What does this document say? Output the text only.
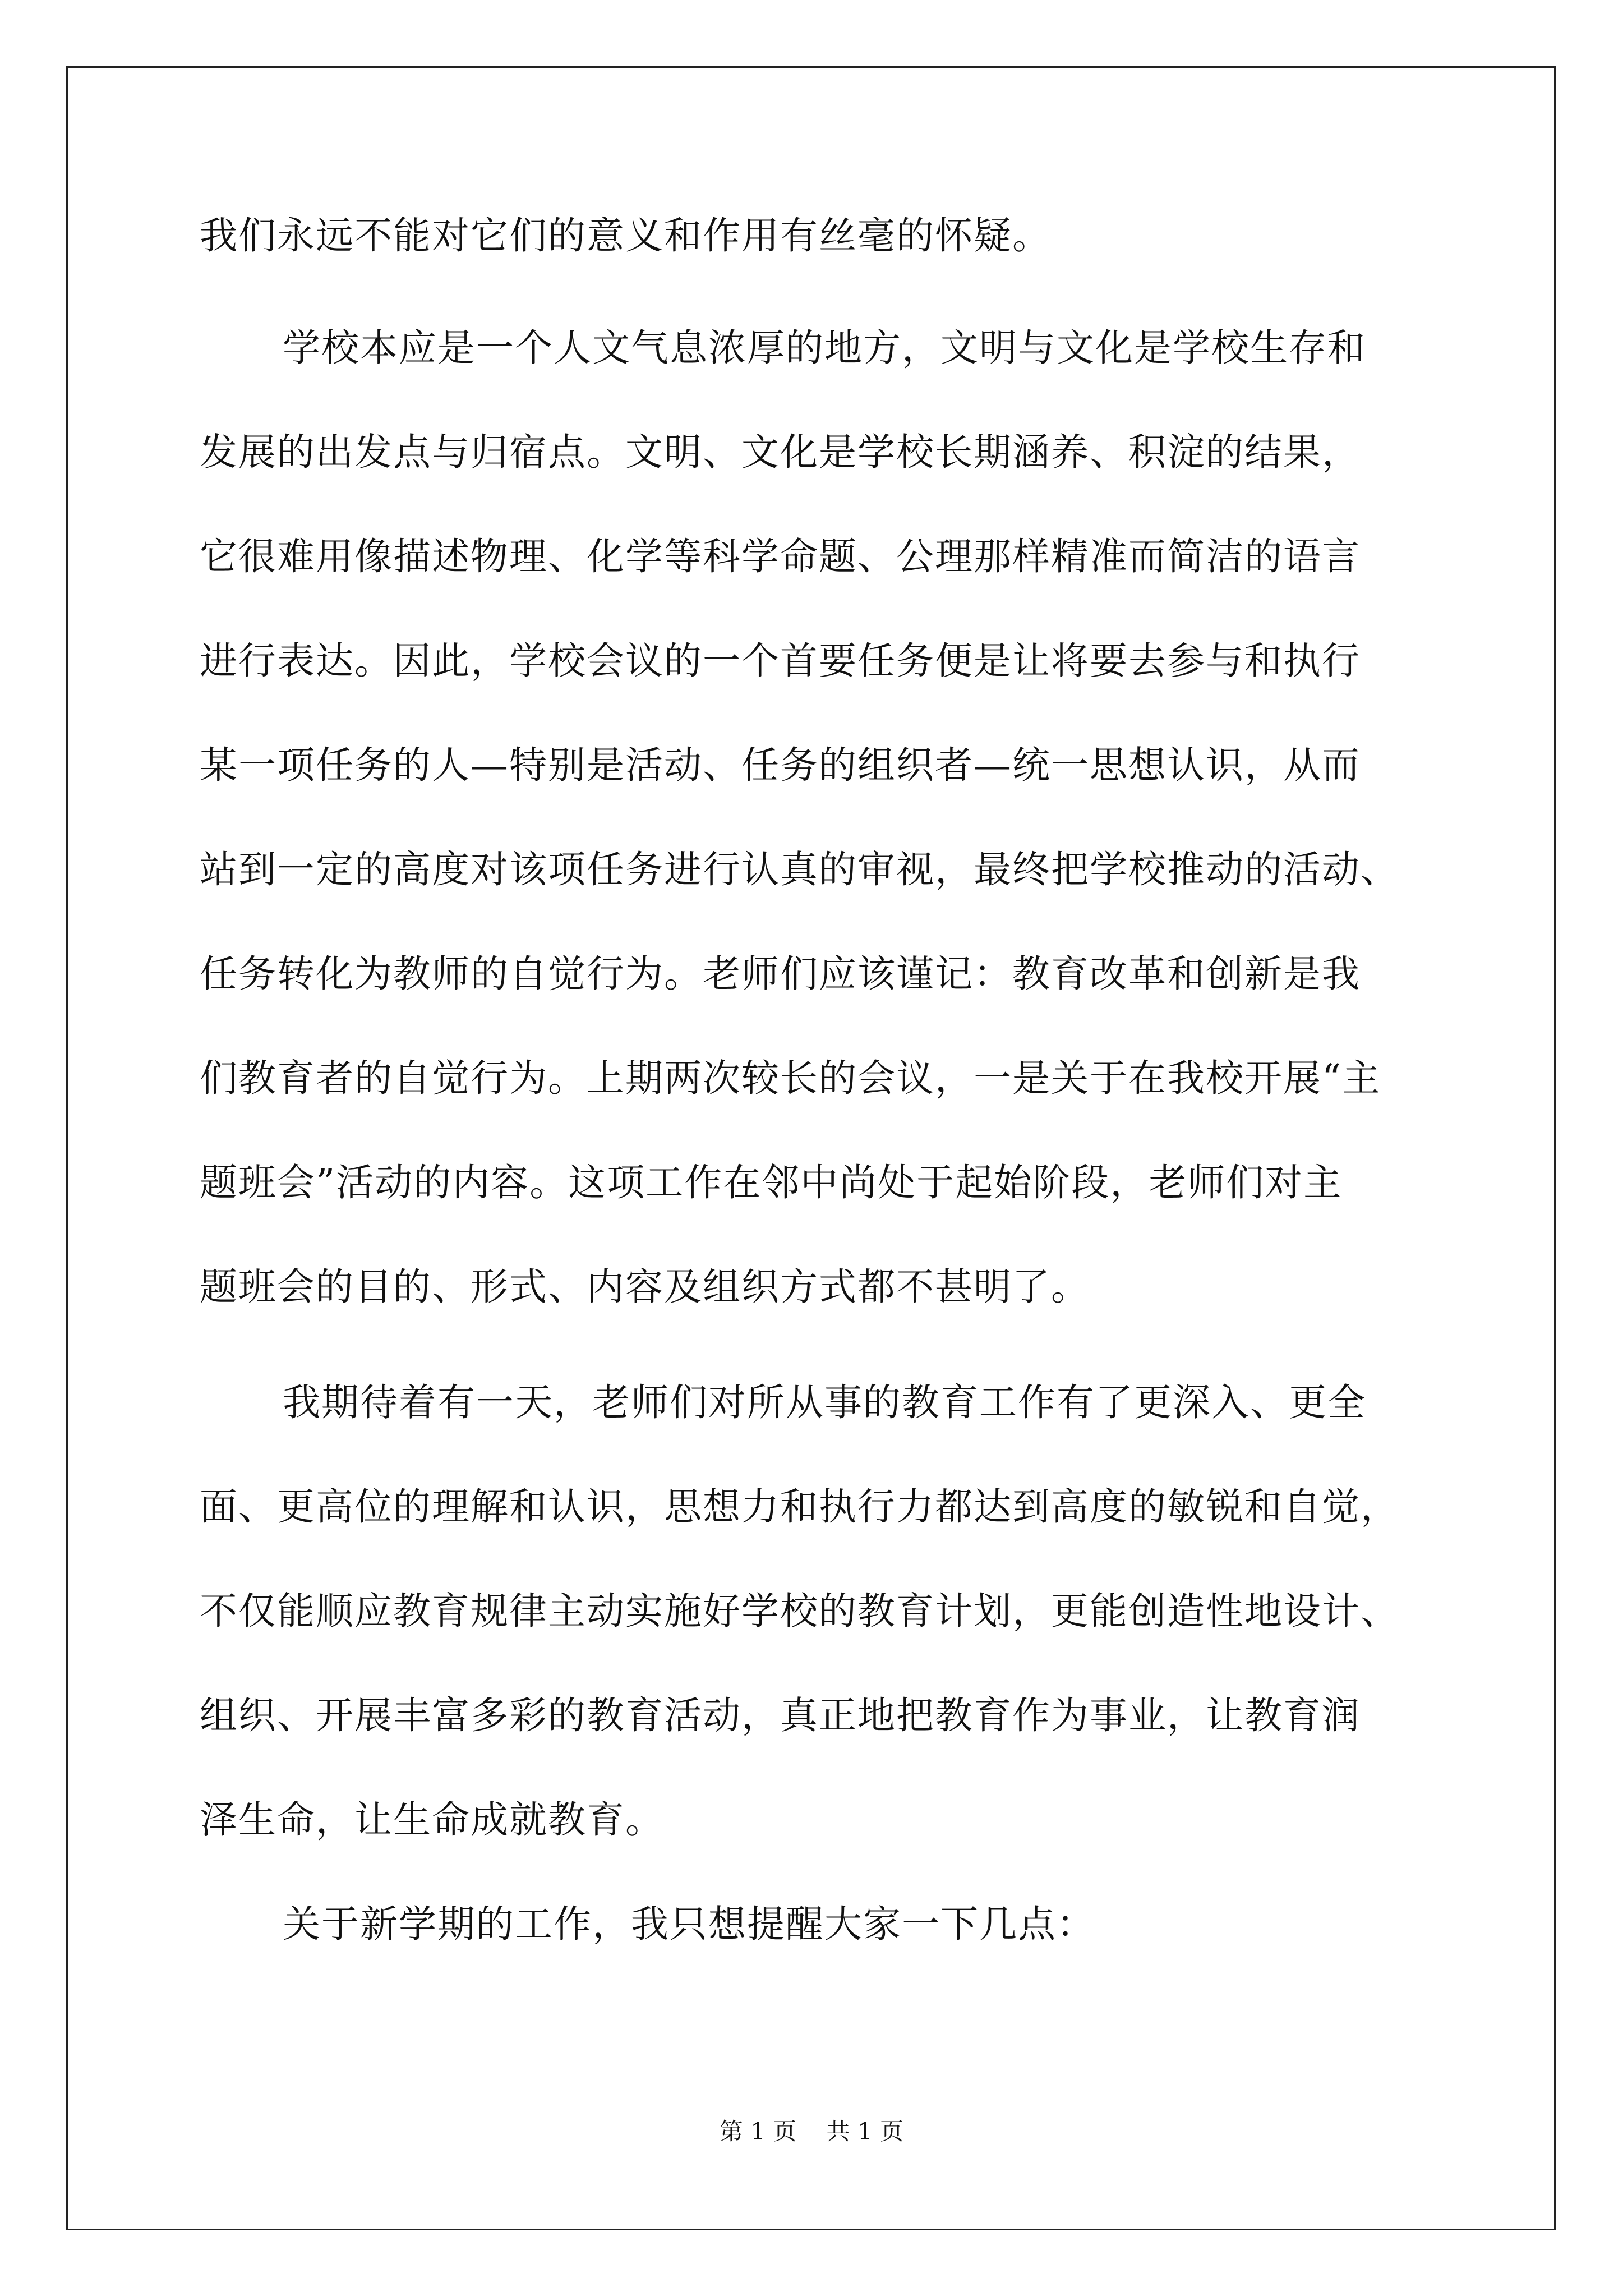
我们永远不能对它们的意义和作用有丝毫的怀疑。
学校本应是一个人文气息浓厚的地方，文明与文化是学校生存和
发展的出发点与归宿点。文明、文化是学校长期涵养、积淀的结果，
它很难用像描述物理、化学等科学命题、公理那样精准而简洁的语言
进行表达。因此，学校会议的一个首要任务便是让将要去参与和执行
某一项任务的人—特别是活动、任务的组织者—统一思想认识，从而
站到一定的高度对该项任务进行认真的审视，最终把学校推动的活动、
任务转化为教师的自觉行为。老师们应该谨记：教育改革和创新是我
们教育者的自觉行为。上期两次较长的会议，一是关于在我校开展“主
题班会”活动的内容。这项工作在邻中尚处于起始阶段，老师们对主
题班会的目的、形式、内容及组织方式都不甚明了。
我期待着有一天，老师们对所从事的教育工作有了更深入、更全
面、更高位的理解和认识，思想力和执行力都达到高度的敏锐和自觉，
不仅能顺应教育规律主动实施好学校的教育计划，更能创造性地设计、
组织、开展丰富多彩的教育活动，真正地把教育作为事业，让教育润
泽生命，让生命成就教育。
关于新学期的工作，我只想提醒大家一下几点：
第 1 页 共 1 页
